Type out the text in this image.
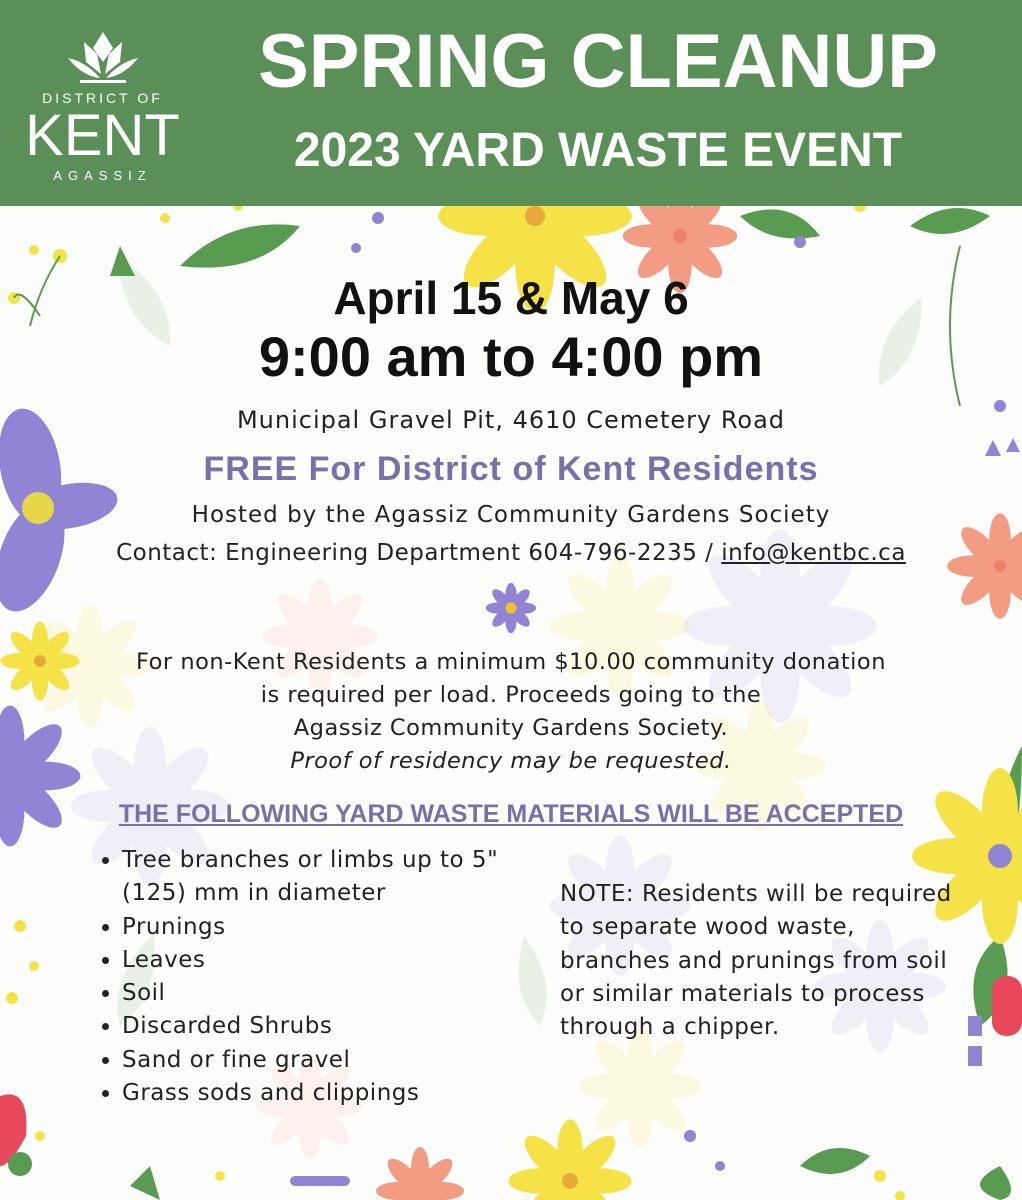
DISTRICT OF
KENT
AGASSIZ
SPRING CLEANUP
2023 YARD WASTE EVENT
April 15 & May 6
9:00 am to 4:00 pm
Municipal Gravel Pit, 4610 Cemetery Road
FREE For District of Kent Residents
Hosted by the Agassiz Community Gardens Society
Contact: Engineering Department 604-796-2235 / info@kentbc.ca
For non-Kent Residents a minimum $10.00 community donation
is required per load. Proceeds going to the
Agassiz Community Gardens Society.
Proof of residency may be requested.
THE FOLLOWING YARD WASTE MATERIALS WILL BE ACCEPTED
• Tree branches or limbs up to 5" (125) mm in diameter
• Prunings
• Leaves
• Soil
• Discarded Shrubs
• Sand or fine gravel
• Grass sods and clippings
NOTE: Residents will be required to separate wood waste, branches and prunings from soil or similar materials to process through a chipper.
